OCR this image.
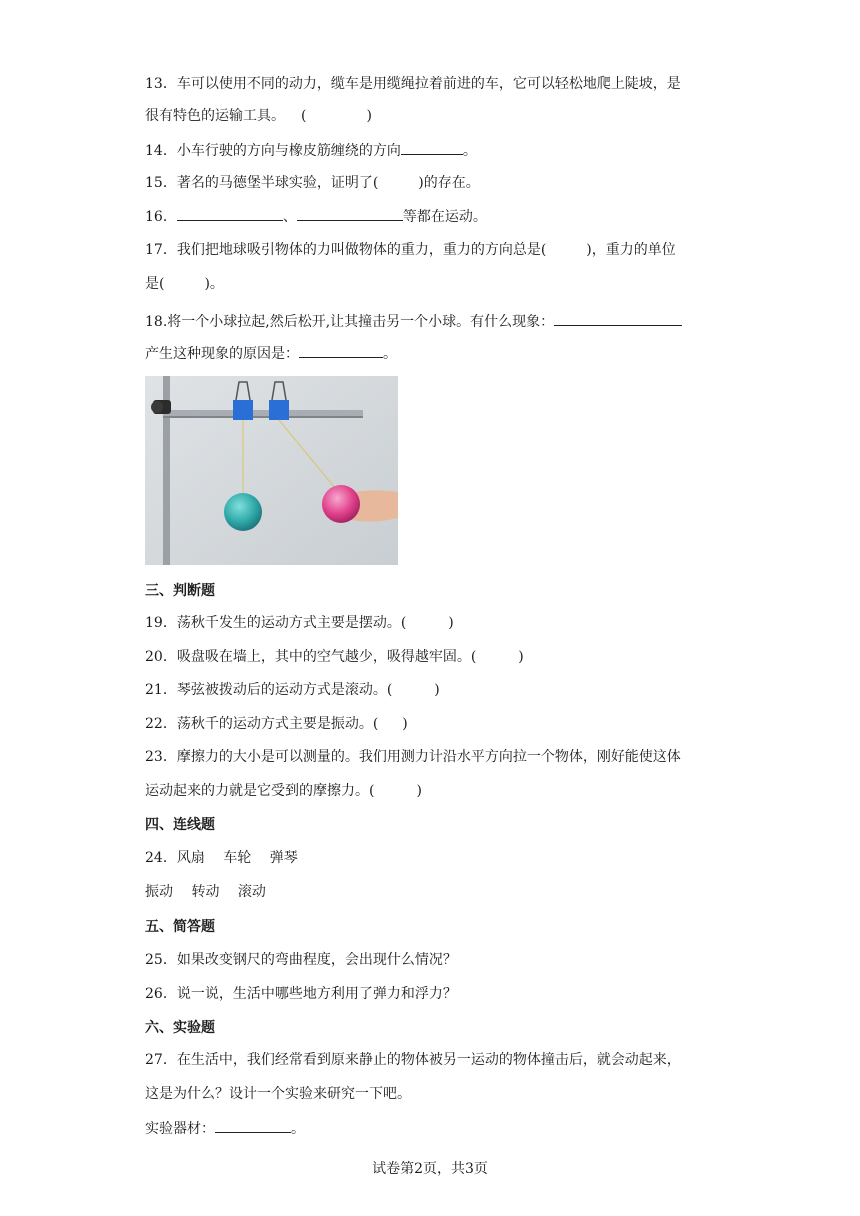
13．车可以使用不同的动力，缆车是用缆绳拉着前进的车，它可以轻松地爬上陡坡，是
很有特色的运输工具。 (	)
14．小车行驶的方向与橡皮筋缠绕的方向	。
15．著名的马德堡半球实验，证明了(	)的存在。
16．	、	等都在运动。
17．我们把地球吸引物体的力叫做物体的重力，重力的方向总是(	)，重力的单位
是(	)。
18.将一个小球拉起,然后松开,让其撞击另一个小球。有什么现象：
产生这种现象的原因是：	。
三、判断题
19．荡秋千发生的运动方式主要是摆动。(	)
20．吸盘吸在墙上，其中的空气越少，吸得越牢固。(	)
21．琴弦被拨动后的运动方式是滚动。(	)
22．荡秋千的运动方式主要是振动。( )
23．摩擦力的大小是可以测量的。我们用测力计沿水平方向拉一个物体，刚好能使这体
运动起来的力就是它受到的摩擦力。(	)
四、连线题
24．风扇　 车轮　 弹琴
振动　 转动　 滚动
五、简答题
25．如果改变钢尺的弯曲程度，会出现什么情况？
26．说一说，生活中哪些地方利用了弹力和浮力？
六、实验题
27．在生活中，我们经常看到原来静止的物体被另一运动的物体撞击后，就会动起来，
这是为什么？设计一个实验来研究一下吧。
实验器材：	。
试卷第2页，共3页
